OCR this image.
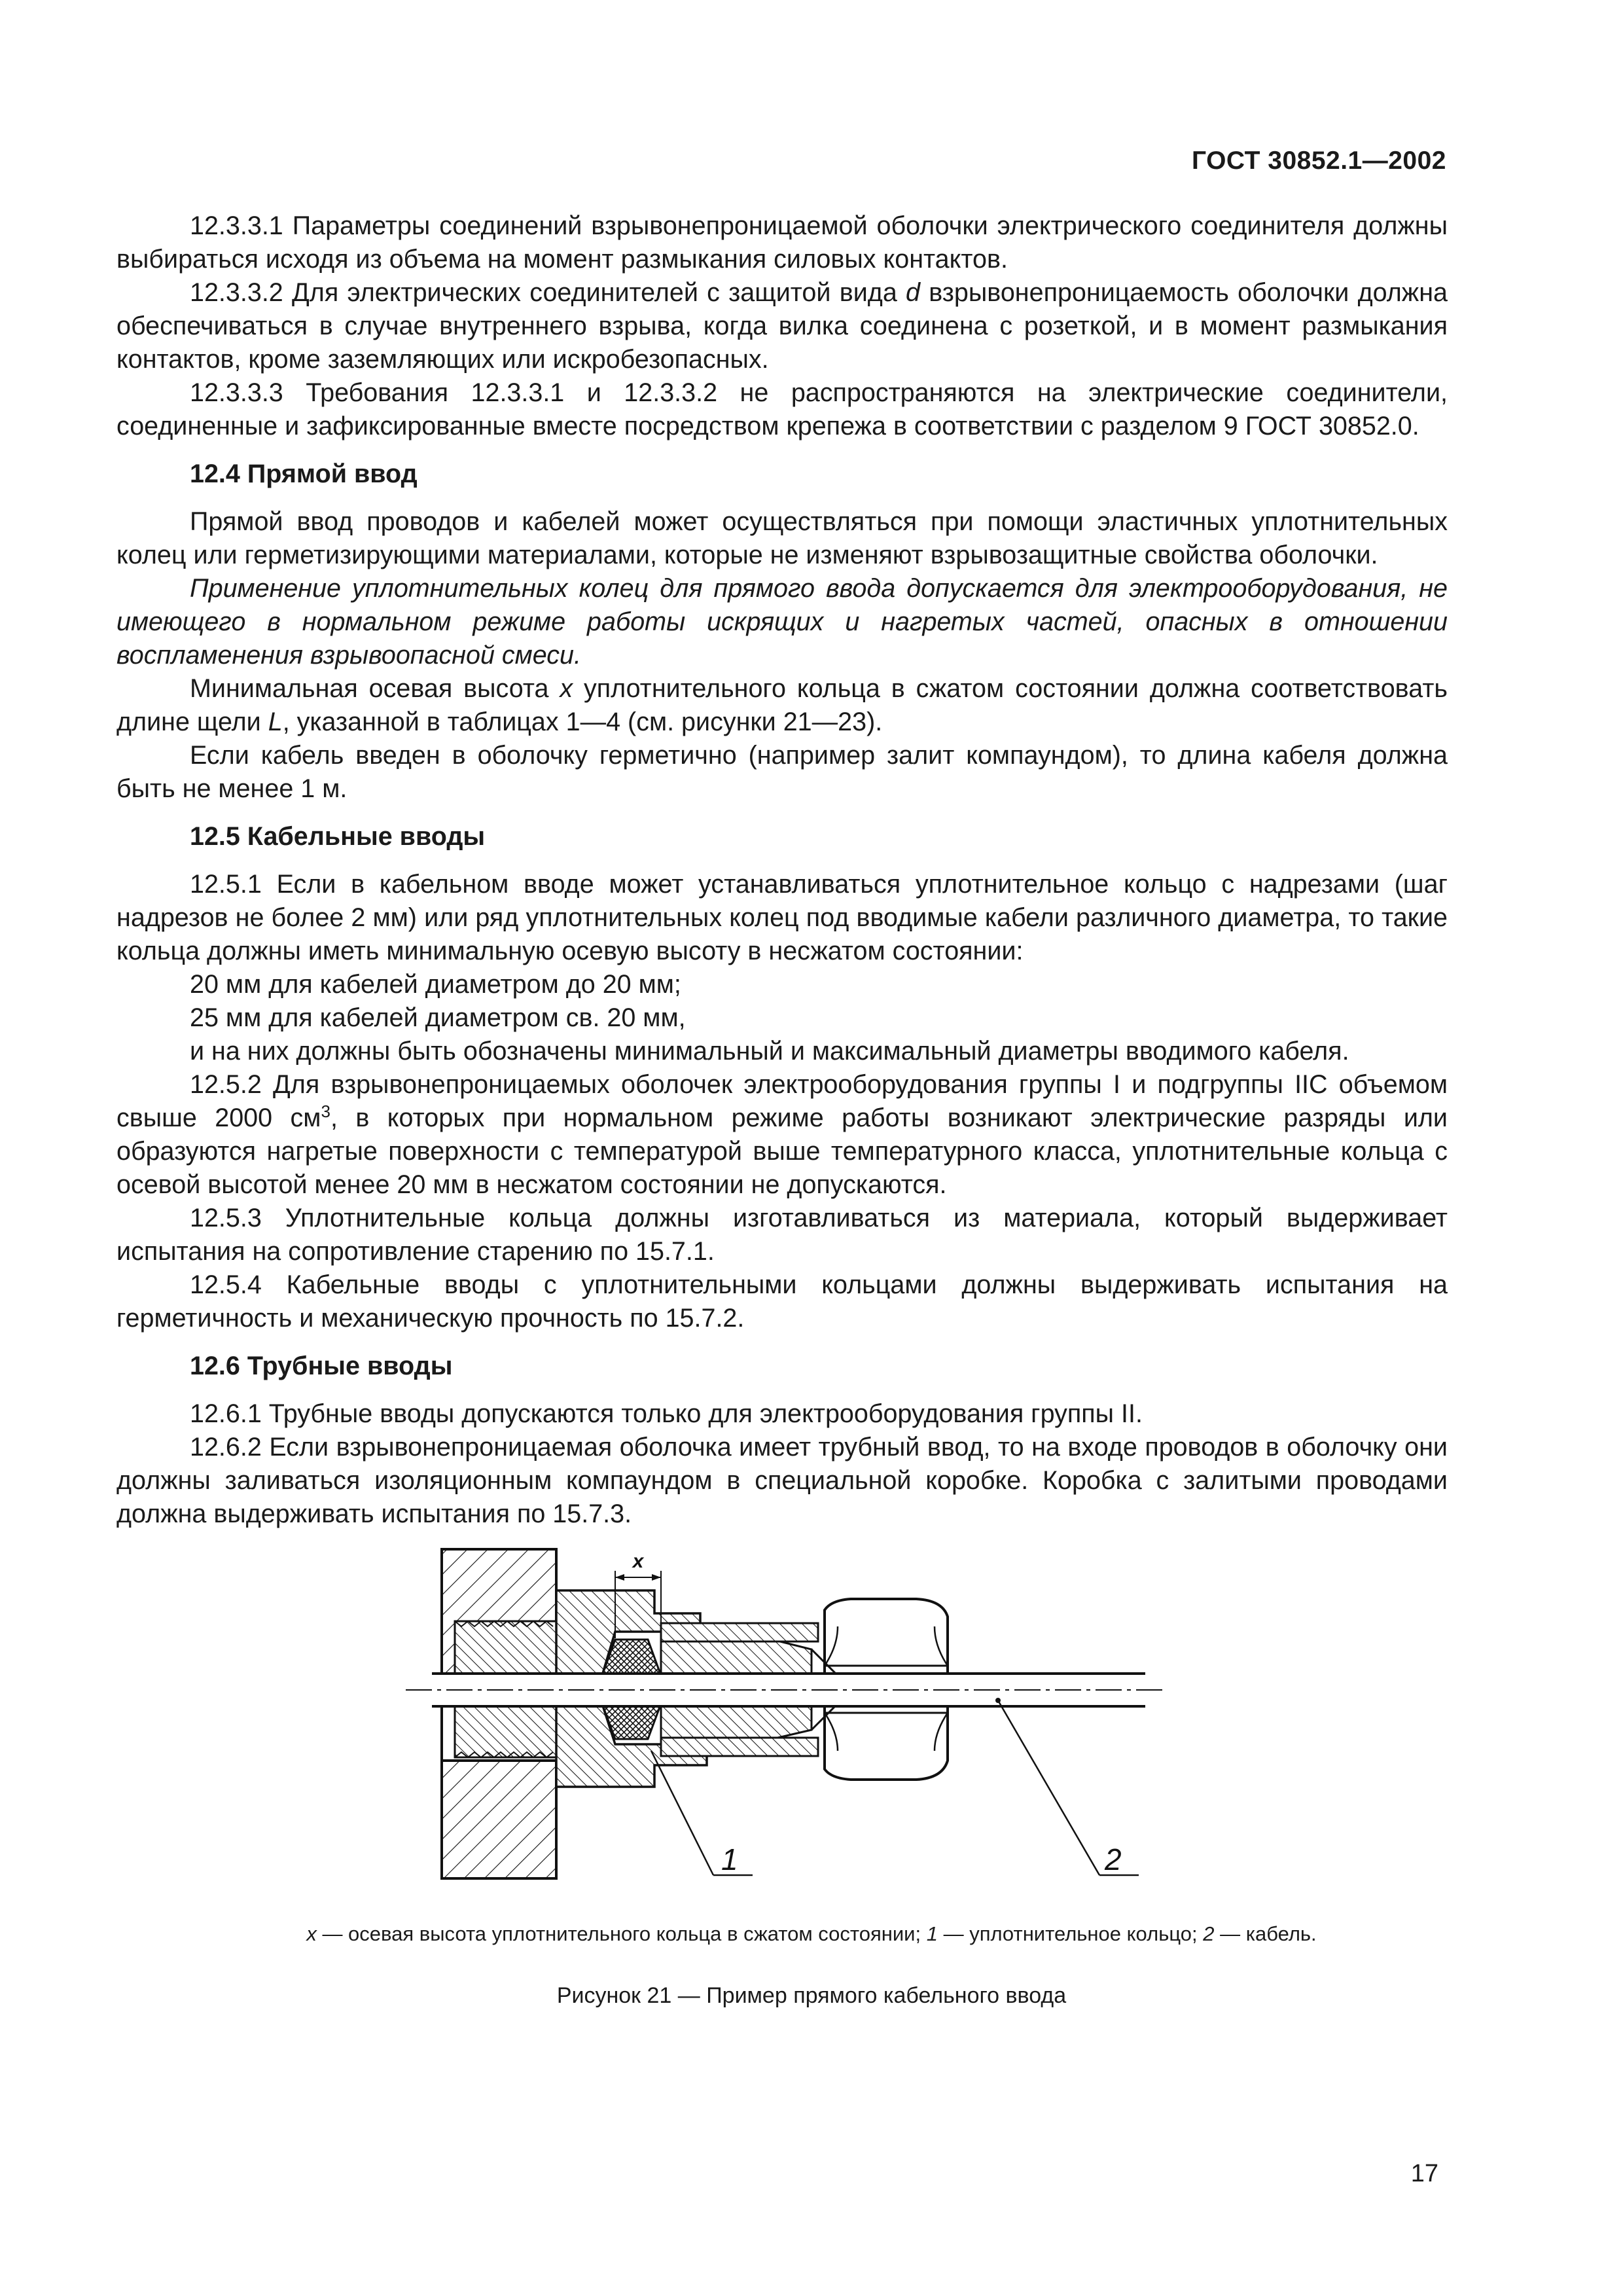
ГОСТ 30852.1—2002

12.3.3.1 Параметры соединений взрывонепроницаемой оболочки электрического соединителя должны выбираться исходя из объема на момент размыкания силовых контактов.

12.3.3.2 Для электрических соединителей с защитой вида d взрывонепроницаемость оболочки должна обеспечиваться в случае внутреннего взрыва, когда вилка соединена с розеткой, и в момент размыкания контактов, кроме заземляющих или искробезопасных.

12.3.3.3 Требования 12.3.3.1 и 12.3.3.2 не распространяются на электрические соединители, соединенные и зафиксированные вместе посредством крепежа в соответствии с разделом 9 ГОСТ 30852.0.

12.4 Прямой ввод

Прямой ввод проводов и кабелей может осуществляться при помощи эластичных уплотнительных колец или герметизирующими материалами, которые не изменяют взрывозащитные свойства оболочки.

Применение уплотнительных колец для прямого ввода допускается для электрооборудования, не имеющего в нормальном режиме работы искрящих и нагретых частей, опасных в отношении воспламенения взрывоопасной смеси.

Минимальная осевая высота x уплотнительного кольца в сжатом состоянии должна соответствовать длине щели L, указанной в таблицах 1—4 (см. рисунки 21—23).

Если кабель введен в оболочку герметично (например залит компаундом), то длина кабеля должна быть не менее 1 м.

12.5 Кабельные вводы

12.5.1 Если в кабельном вводе может устанавливаться уплотнительное кольцо с надрезами (шаг надрезов не более 2 мм) или ряд уплотнительных колец под вводимые кабели различного диаметра, то такие кольца должны иметь минимальную осевую высоту в несжатом состоянии:

20 мм для кабелей диаметром до 20 мм;

25 мм для кабелей диаметром св. 20 мм,

и на них должны быть обозначены минимальный и максимальный диаметры вводимого кабеля.

12.5.2 Для взрывонепроницаемых оболочек электрооборудования группы I и подгруппы IIC объемом свыше 2000 $см^3$, в которых при нормальном режиме работы возникают электрические разряды или образуются нагретые поверхности с температурой выше температурного класса, уплотнительные кольца с осевой высотой менее 20 мм в несжатом состоянии не допускаются.

12.5.3 Уплотнительные кольца должны изготавливаться из материала, который выдерживает испытания на сопротивление старению по 15.7.1.

12.5.4 Кабельные вводы с уплотнительными кольцами должны выдерживать испытания на герметичность и механическую прочность по 15.7.2.

12.6 Трубные вводы

12.6.1 Трубные вводы допускаются только для электрооборудования группы II.

12.6.2 Если взрывонепроницаемая оболочка имеет трубный ввод, то на входе проводов в оболочку они должны заливаться изоляционным компаундом в специальной коробке. Коробка с залитыми проводами должна выдерживать испытания по 15.7.3.

x
1	2
x — осевая высота уплотнительного кольца в сжатом состоянии; 1 — уплотнительное кольцо; 2 — кабель.
Рисунок 21 — Пример прямого кабельного ввода
17
